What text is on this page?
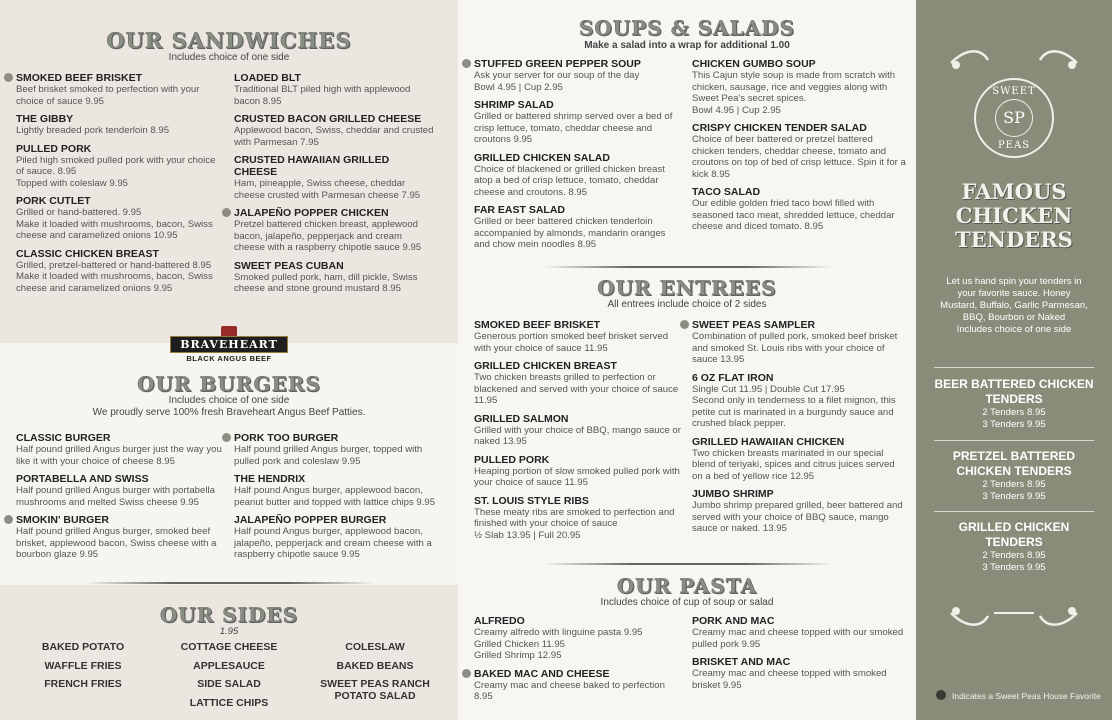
OUR SANDWICHES
Includes choice of one side
SMOKED BEEF BRISKET
Beef brisket smoked to perfection with your choice of sauce 9.95
THE GIBBY
Lightly breaded pork tenderloin 8.95
PULLED PORK
Piled high smoked pulled pork with your choice of sauce. 8.95
Topped with coleslaw 9.95
PORK CUTLET
Grilled or hand-battered. 9.95
Make it loaded with mushrooms, bacon, Swiss cheese and caramelized onions 10.95
CLASSIC CHICKEN BREAST
Grilled, pretzel-battered or hand-battered 8.95
Make it loaded with mushrooms, bacon, Swiss cheese and caramelized onions 9.95
LOADED BLT
Traditional BLT piled high with applewood bacon 8.95
CRUSTED BACON GRILLED CHEESE
Applewood bacon, Swiss, cheddar and crusted with Parmesan 7.95
CRUSTED HAWAIIAN GRILLED CHEESE
Ham, pineapple, Swiss cheese, cheddar cheese crusted with Parmesan cheese 7.95
JALAPEÑO POPPER CHICKEN
Pretzel battered chicken breast, applewood bacon, jalapeño, pepperjack and cream cheese with a raspberry chipotle sauce 9.95
SWEET PEAS CUBAN
Smoked pulled pork, ham, dill pickle, Swiss cheese and stone ground mustard 8.95
BRAVEHEART
BLACK ANGUS BEEF
OUR BURGERS
Includes choice of one side
We proudly serve 100% fresh Braveheart Angus Beef Patties.
CLASSIC BURGER
Half pound grilled Angus burger just the way you like it with your choice of cheese 8.95
PORTABELLA AND SWISS
Half pound grilled Angus burger with portabella mushrooms and melted Swiss cheese 9.95
SMOKIN' BURGER
Half pound grilled Angus burger, smoked beef brisket, applewood bacon, Swiss cheese with a bourbon glaze 9.95
PORK TOO BURGER
Half pound grilled Angus burger, topped with pulled pork and coleslaw 9.95
THE HENDRIX
Half pound Angus burger, applewood bacon, peanut butter and topped with lattice chips 9.95
JALAPEÑO POPPER BURGER
Half pound Angus burger, applewood bacon, jalapeño, pepperjack and cream cheese with a raspberry chipotle sauce 9.95
OUR SIDES
1.95
BAKED POTATO
WAFFLE FRIES
FRENCH FRIES
COTTAGE CHEESE
APPLESAUCE
SIDE SALAD
LATTICE CHIPS
COLESLAW
BAKED BEANS
SWEET PEAS RANCH POTATO SALAD
SOUPS & SALADS
Make a salad into a wrap for additional 1.00
STUFFED GREEN PEPPER SOUP
Ask your server for our soup of the day
Bowl 4.95 | Cup 2.95
SHRIMP SALAD
Grilled or battered shrimp served over a bed of crisp lettuce, tomato, cheddar cheese and croutons 9.95
GRILLED CHICKEN SALAD
Choice of blackened or grilled chicken breast atop a bed of crisp lettuce, tomato, cheddar cheese and croutons. 8.95
FAR EAST SALAD
Grilled or beer battered chicken tenderloin accompanied by almonds, mandarin oranges and chow mein noodles 8.95
CHICKEN GUMBO SOUP
This Cajun style soup is made from scratch with chicken, sausage, rice and veggies along with Sweet Pea's secret spices.
Bowl 4.95 | Cup 2.95
CRISPY CHICKEN TENDER SALAD
Choice of beer battered or pretzel battered chicken tenders, cheddar cheese, tomato and croutons on top of bed of crisp lettuce. Spin it for a kick 8.95
TACO SALAD
Our edible golden fried taco bowl filled with seasoned taco meat, shredded lettuce, cheddar cheese and diced tomato. 8.95
OUR ENTREES
All entrees include choice of 2 sides
SMOKED BEEF BRISKET
Generous portion smoked beef brisket served with your choice of sauce 11.95
GRILLED CHICKEN BREAST
Two chicken breasts grilled to perfection or blackened and served with your choice of sauce 11.95
GRILLED SALMON
Grilled with your choice of BBQ, mango sauce or naked 13.95
PULLED PORK
Heaping portion of slow smoked pulled pork with your choice of sauce 11.95
ST. LOUIS STYLE RIBS
These meaty ribs are smoked to perfection and finished with your choice of sauce
½ Slab 13.95 | Full 20.95
SWEET PEAS SAMPLER
Combination of pulled pork, smoked beef brisket and smoked St. Louis ribs with your choice of sauce 13.95
6 OZ FLAT IRON
Single Cut 11.95 | Double Cut 17.95
Second only in tenderness to a filet mignon, this petite cut is marinated in a burgundy sauce and crushed black pepper.
GRILLED HAWAIIAN CHICKEN
Two chicken breasts marinated in our special blend of teriyaki, spices and citrus juices served on a bed of yellow rice 12.95
JUMBO SHRIMP
Jumbo shrimp prepared grilled, beer battered and served with your choice of BBQ sauce, mango sauce or naked. 13.95
OUR PASTA
Includes choice of cup of soup or salad
ALFREDO
Creamy alfredo with linguine pasta 9.95
Grilled Chicken 11.95
Grilled Shrimp 12.95
BAKED MAC AND CHEESE
Creamy mac and cheese baked to perfection 8.95
PORK AND MAC
Creamy mac and cheese topped with our smoked pulled pork 9.95
BRISKET AND MAC
Creamy mac and cheese topped with smoked brisket 9.95
SWEET
SP
PEAS
FAMOUS
CHICKEN
TENDERS
Let us hand spin your tenders in your favorite sauce. Honey Mustard, Buffalo, Garlic Parmesan, BBQ, Bourbon or Naked
Includes choice of one side
BEER BATTERED CHICKEN TENDERS
2 Tenders 8.95
3 Tenders 9.95
PRETZEL BATTERED CHICKEN TENDERS
2 Tenders 8.95
3 Tenders 9.95
GRILLED CHICKEN TENDERS
2 Tenders 8.95
3 Tenders 9.95
Indicates a Sweet Peas House Favorite
